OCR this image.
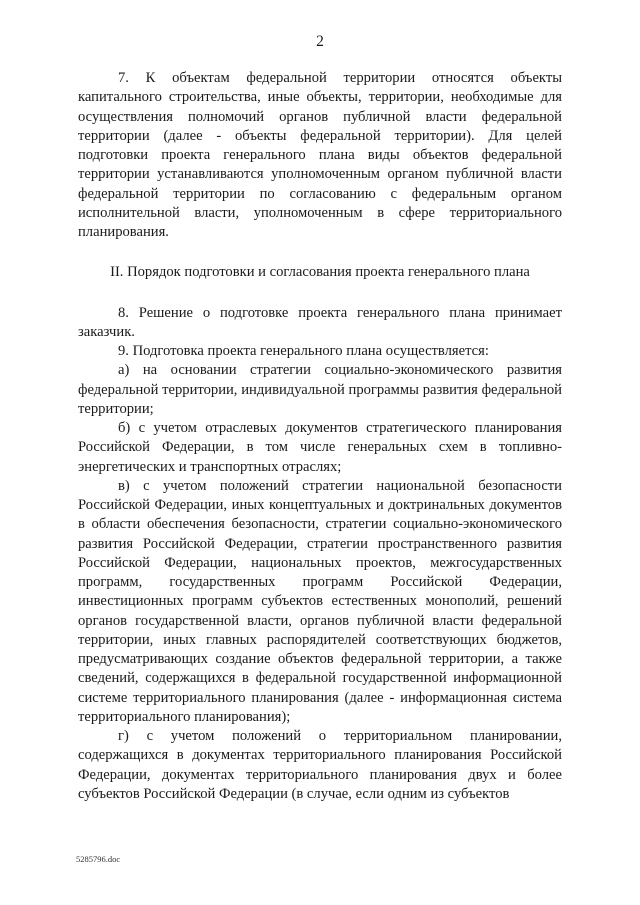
2

7. К объектам федеральной территории относятся объекты капитального строительства, иные объекты, территории, необходимые для осуществления полномочий органов публичной власти федеральной территории (далее - объекты федеральной территории). Для целей подготовки проекта генерального плана виды объектов федеральной территории устанавливаются уполномоченным органом публичной власти федеральной территории по согласованию с федеральным органом исполнительной власти, уполномоченным в сфере территориального планирования.

II. Порядок подготовки и согласования проекта генерального плана

8. Решение о подготовке проекта генерального плана принимает заказчик.

9. Подготовка проекта генерального плана осуществляется:

а) на основании стратегии социально-экономического развития федеральной территории, индивидуальной программы развития федеральной территории;

б) с учетом отраслевых документов стратегического планирования Российской Федерации, в том числе генеральных схем в топливно-энергетических и транспортных отраслях;

в) с учетом положений стратегии национальной безопасности Российской Федерации, иных концептуальных и доктринальных документов в области обеспечения безопасности, стратегии социально-экономического развития Российской Федерации, стратегии пространственного развития Российской Федерации, национальных проектов, межгосударственных программ, государственных программ Российской Федерации, инвестиционных программ субъектов естественных монополий, решений органов государственной власти, органов публичной власти федеральной территории, иных главных распорядителей соответствующих бюджетов, предусматривающих создание объектов федеральной территории, а также сведений, содержащихся в федеральной государственной информационной системе территориального планирования (далее - информационная система территориального планирования);

г) с учетом положений о территориальном планировании, содержащихся в документах территориального планирования Российской Федерации, документах территориального планирования двух и более субъектов Российской Федерации (в случае, если одним из субъектов

5285796.doc
